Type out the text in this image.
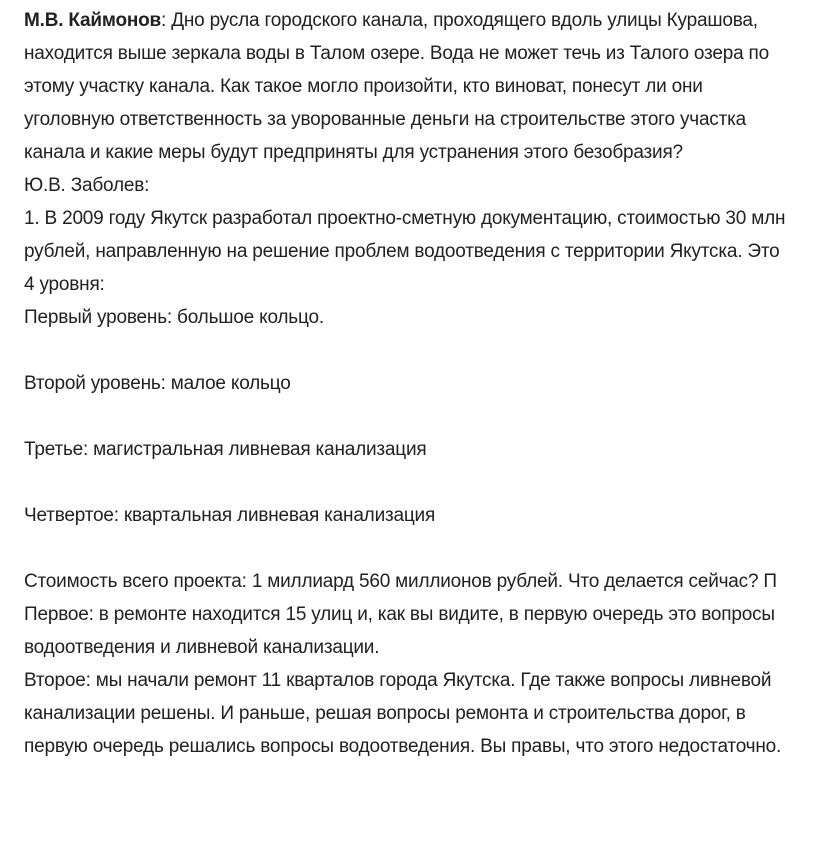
М.В. Каймонов: Дно русла городского канала, проходящего вдоль улицы Курашова, находится выше зеркала воды в Талом озере. Вода не может течь из Талого озера по этому участку канала. Как такое могло произойти, кто виноват, понесут ли они уголовную ответственность за уворованные деньги на строительстве этого участка канала и какие меры будут предприняты для устранения этого безобразия?

Ю.В. Заболев:

1. В 2009 году Якутск разработал проектно-сметную документацию, стоимостью 30 млн рублей, направленную на решение проблем водоотведения с территории Якутска. Это 4 уровня:

Первый уровень: большое кольцо.

Второй уровень: малое кольцо

Третье: магистральная ливневая канализация

Четвертое: квартальная ливневая канализация

Стоимость всего проекта: 1 миллиард 560 миллионов рублей. Что делается сейчас? П

Первое: в ремонте находится 15 улиц и, как вы видите, в первую очередь это вопросы водоотведения и ливневой канализации.

Второе: мы начали ремонт 11 кварталов города Якутска. Где также вопросы ливневой канализации решены. И раньше, решая вопросы ремонта и строительства дорог, в первую очередь решались вопросы водоотведения. Вы правы, что этого недостаточно.
